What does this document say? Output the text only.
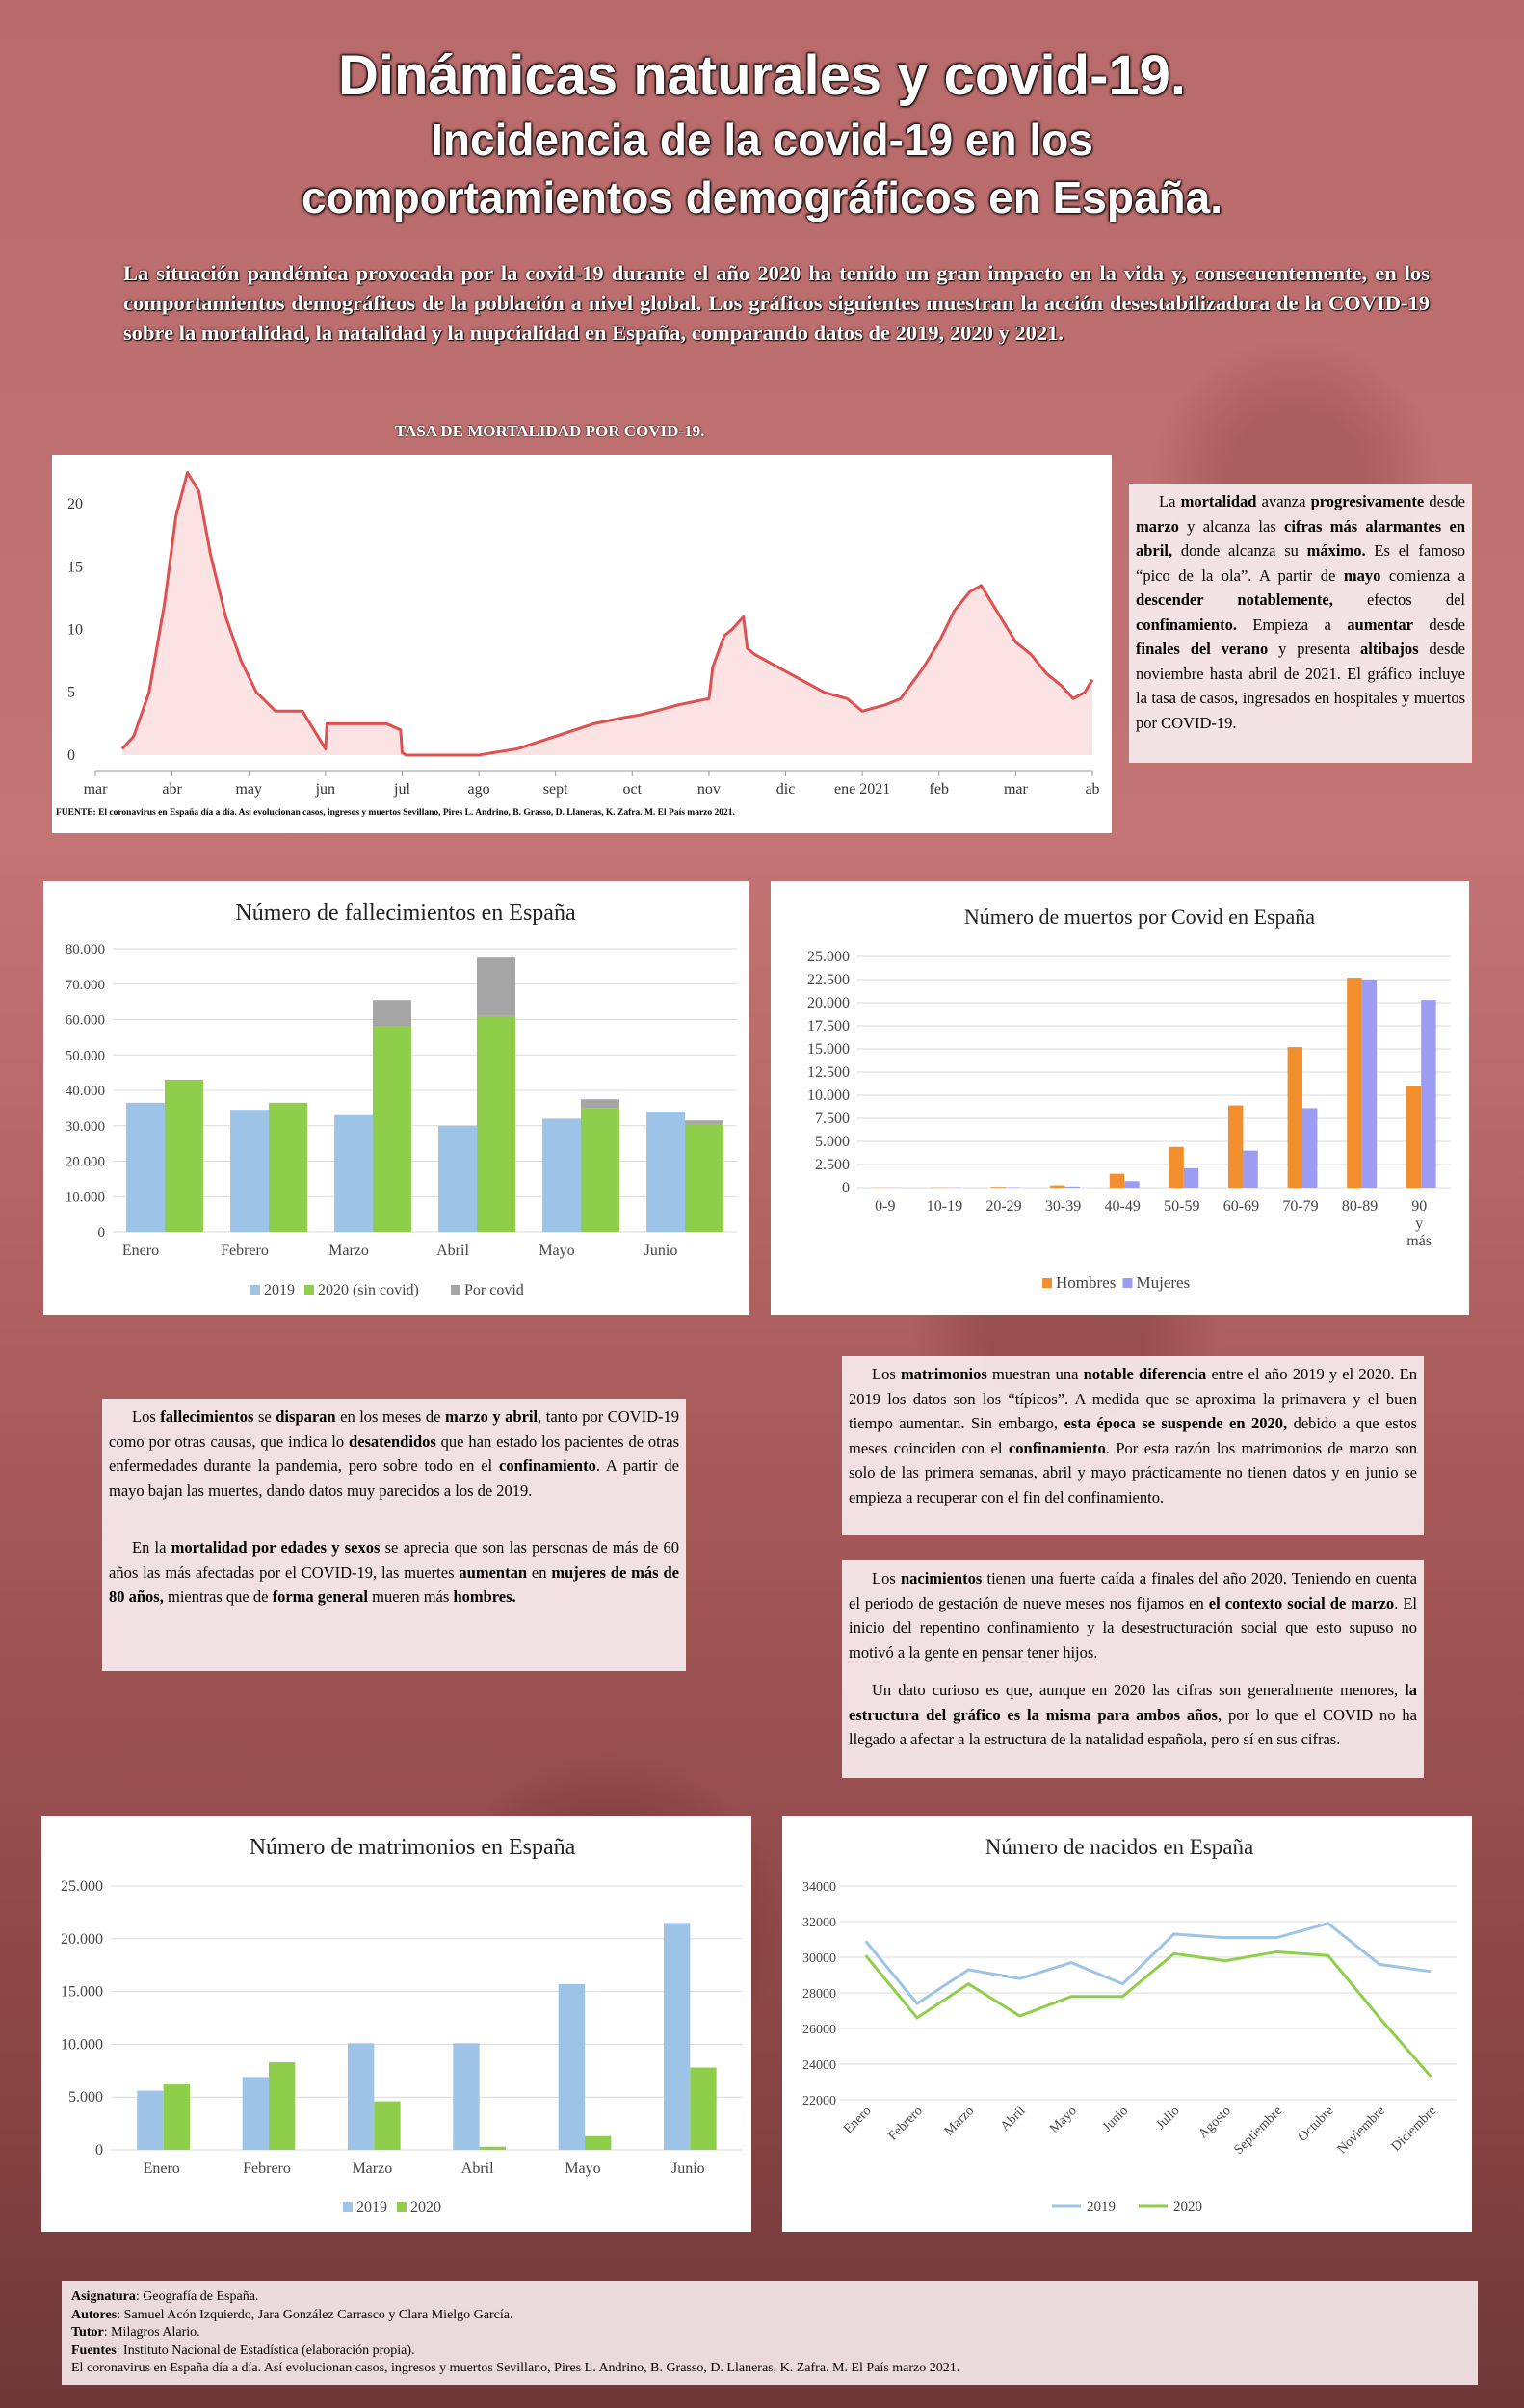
Dinámicas naturales y covid-19.
Incidencia de la covid-19 en los
comportamientos demográficos en España.
La situación pandémica provocada por la covid-19 durante el año 2020 ha tenido un gran impacto en la vida y, consecuentemente, en los comportamientos demográficos de la población a nivel global. Los gráficos siguientes muestran la acción desestabilizadora de la COVID-19 sobre la mortalidad, la natalidad y la nupcialidad en España, comparando datos de 2019, 2020 y 2021.
TASA DE MORTALIDAD POR COVID-19.
0
5
10
15
20
mar	abr	may	jun	jul	ago	sept	oct	nov	dic	ene 2021	feb	mar	ab
FUENTE: El coronavirus en España día a día. Así evolucionan casos, ingresos y muertos Sevillano, Pires L. Andrino, B. Grasso, D. Llaneras, K. Zafra. M. El País marzo 2021.

La mortalidad avanza progresivamente desde marzo y alcanza las cifras más alarmantes en abril, donde alcanza su máximo. Es el famoso “pico de la ola”. A partir de mayo comienza a descender notablemente, efectos del confinamiento. Empieza a aumentar desde finales del verano y presenta altibajos desde noviembre hasta abril de 2021. El gráfico incluye la tasa de casos, ingresados en hospitales y muertos por COVID-19.

Número de fallecimientos en España
0
10.000
20.000
30.000
40.000
50.000
60.000
70.000
80.000
Enero	Febrero	Marzo	Abril	Mayo	Junio
2019 2020 (sin covid)	Por covid
Número de muertos por Covid en España
0
2.500
5.000
7.500
10.000
12.500
15.000
17.500
20.000
22.500
25.000
0-9 10-19 20-29 30-39 40-49 50-59 60-69 70-79 80-89 90
y
más
Hombres Mujeres

Los fallecimientos se disparan en los meses de marzo y abril, tanto por COVID-19 como por otras causas, que indica lo desatendidos que han estado los pacientes de otras enfermedades durante la pandemia, pero sobre todo en el confinamiento. A partir de mayo bajan las muertes, dando datos muy parecidos a los de 2019.

En la mortalidad por edades y sexos se aprecia que son las personas de más de 60 años las más afectadas por el COVID-19, las muertes aumentan en mujeres de más de 80 años, mientras que de forma general mueren más hombres.

Los matrimonios muestran una notable diferencia entre el año 2019 y el 2020. En 2019 los datos son los “típicos”. A medida que se aproxima la primavera y el buen tiempo aumentan. Sin embargo, esta época se suspende en 2020, debido a que estos meses coinciden con el confinamiento. Por esta razón los matrimonios de marzo son solo de las primera semanas, abril y mayo prácticamente no tienen datos y en junio se empieza a recuperar con el fin del confinamiento.

Los nacimientos tienen una fuerte caída a finales del año 2020. Teniendo en cuenta el periodo de gestación de nueve meses nos fijamos en el contexto social de marzo. El inicio del repentino confinamiento y la desestructuración social que esto supuso no motivó a la gente en pensar tener hijos.

Un dato curioso es que, aunque en 2020 las cifras son generalmente menores, la estructura del gráfico es la misma para ambos años, por lo que el COVID no ha llegado a afectar a la estructura de la natalidad española, pero sí en sus cifras.

Número de matrimonios en España
0
5.000
10.000
15.000
20.000
25.000
Enero	Febrero	Marzo	Abril	Mayo	Junio
2019 2020
Número de nacidos en España
22000
24000
26000
28000
30000
32000
34000
Enero Febrero Marzo Abril Mayo Junio Julio Agosto
Septiembre Octubre
Noviembre Diciembre
2019	2020
Asignatura: Geografía de España.
Autores: Samuel Acón Izquierdo, Jara González Carrasco y Clara Mielgo García.
Tutor: Milagros Alario.
Fuentes: Instituto Nacional de Estadística (elaboración propia).
El coronavirus en España día a día. Así evolucionan casos, ingresos y muertos Sevillano, Pires L. Andrino, B. Grasso, D. Llaneras, K. Zafra. M. El País marzo 2021.
